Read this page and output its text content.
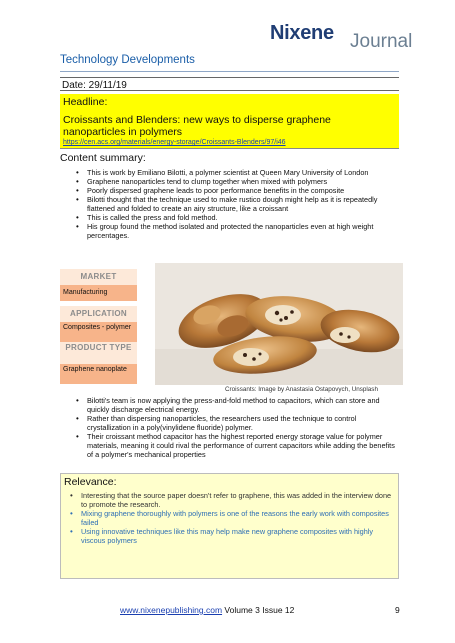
Nixene Journal
Technology Developments
Date: 29/11/19
Headline:
Croissants and Blenders: new ways to disperse graphene nanoparticles in polymers
https://cen.acs.org/materials/energy-storage/Croissants-Blenders/97/i46
Content summary:
• This is work by Emiliano Bilotti, a polymer scientist at Queen Mary University of London
• Graphene nanoparticles tend to clump together when mixed with polymers
• Poorly dispersed graphene leads to poor performance benefits in the composite
• Bilotti thought that the technique used to make rustico dough might help as it is repeatedly flattened and folded to create an airy structure, like a croissant
• This is called the press and fold method.
• His group found the method isolated and protected the nanoparticles even at high weight percentages.
MARKET
Manufacturing
APPLICATION
Composites - polymer
PRODUCT TYPE
Graphene nanoplate
Croissants: Image by Anastasia Ostapovych, Unsplash
• Bilotti's team is now applying the press-and-fold method to capacitors, which can store and quickly discharge electrical energy.
• Rather than dispersing nanoparticles, the researchers used the technique to control crystallization in a poly(vinylidene fluoride) polymer.
• Their croissant method capacitor has the highest reported energy storage value for polymer materials, meaning it could rival the performance of current capacitors while adding the benefits of a polymer's mechanical properties
Relevance:
• Interesting that the source paper doesn't refer to graphene, this was added in the interview done to promote the research.
• Mixing graphene thoroughly with polymers is one of the reasons the early work with composites failed
• Using innovative techniques like this may help make new graphene composites with highly viscous polymers
www.nixenepublishing.com Volume 3 Issue 12	9
